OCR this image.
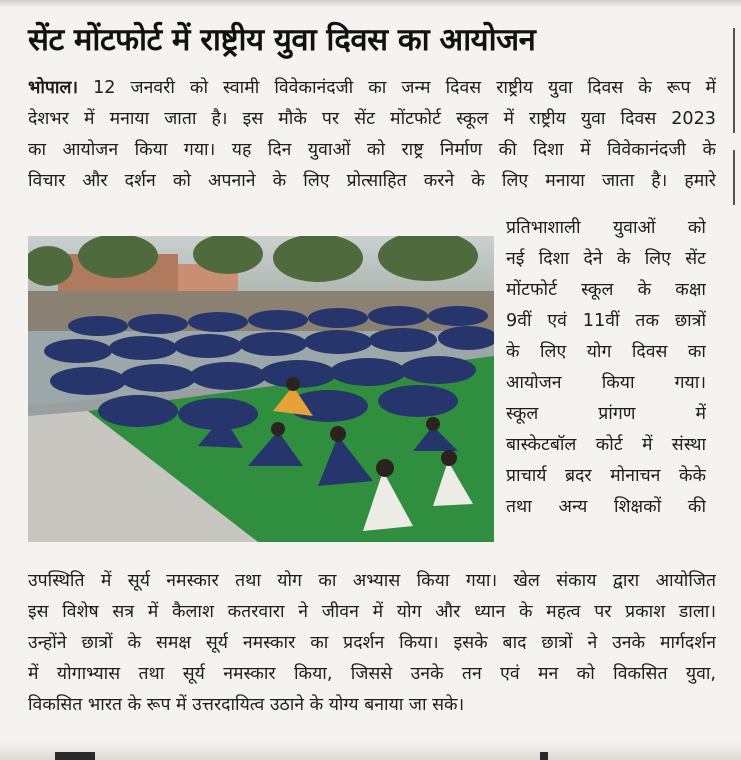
सेंट मोंटफोर्ट में राष्ट्रीय युवा दिवस का आयोजन
भोपाल। 12 जनवरी को स्वामी विवेकानंदजी का जन्म दिवस राष्ट्रीय युवा दिवस के रूप में
देशभर में मनाया जाता है। इस मौके पर सेंट मोंटफोर्ट स्कूल में राष्ट्रीय युवा दिवस 2023
का आयोजन किया गया। यह दिन युवाओं को राष्ट्र निर्माण की दिशा में विवेकानंदजी के
विचार और दर्शन को अपनाने के लिए प्रोत्साहित करने के लिए मनाया जाता है। हमारे
प्रतिभाशाली युवाओं को
नई दिशा देने के लिए सेंट
मोंटफोर्ट स्कूल के कक्षा
9वीं एवं 11वीं तक छात्रों
के लिए योग दिवस का
आयोजन किया गया।
स्कूल प्रांगण में
बास्केटबॉल कोर्ट में संस्था
प्राचार्य ब्रदर मोनाचन केके
तथा अन्य शिक्षकों की
उपस्थिति में सूर्य नमस्कार तथा योग का अभ्यास किया गया। खेल संकाय द्वारा आयोजित
इस विशेष सत्र में कैलाश कतरवारा ने जीवन में योग और ध्यान के महत्व पर प्रकाश डाला।
उन्होंने छात्रों के समक्ष सूर्य नमस्कार का प्रदर्शन किया। इसके बाद छात्रों ने उनके मार्गदर्शन
में योगाभ्यास तथा सूर्य नमस्कार किया, जिससे उनके तन एवं मन को विकसित युवा,
विकसित भारत के रूप में उत्तरदायित्व उठाने के योग्य बनाया जा सके।
